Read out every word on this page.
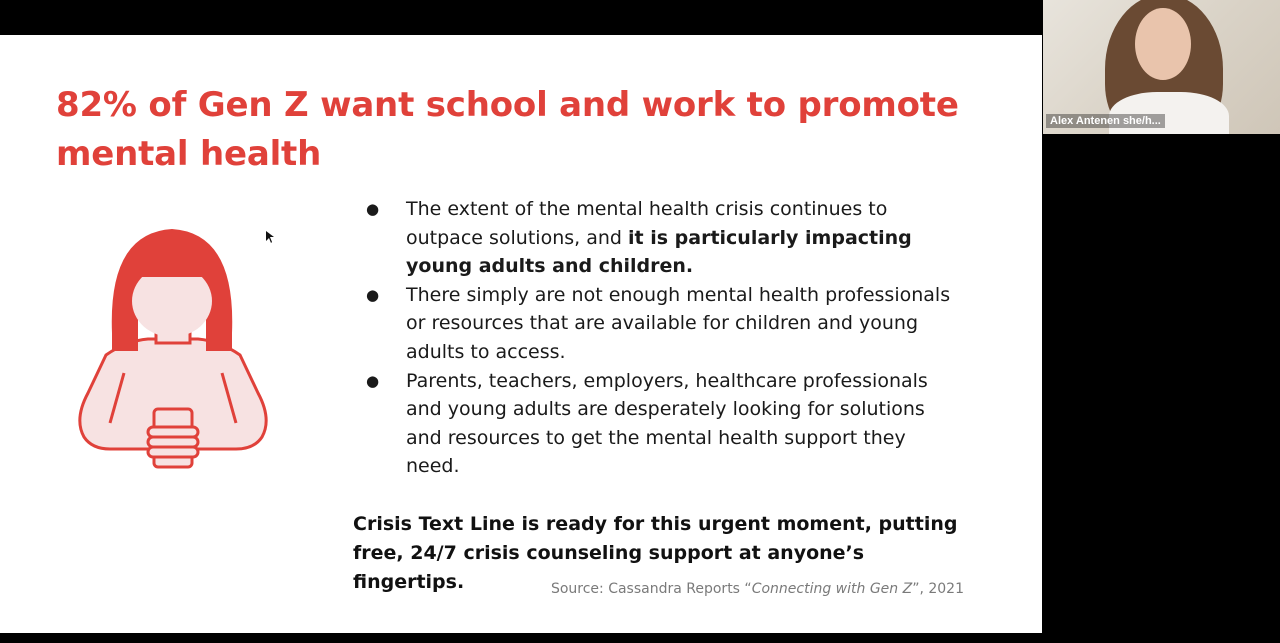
82% of Gen Z want school and work to promote mental health
● The extent of the mental health crisis continues to outpace solutions, and it is particularly impacting young adults and children.
● There simply are not enough mental health professionals or resources that are available for children and young adults to access.
● Parents, teachers, employers, healthcare professionals and young adults are desperately looking for solutions and resources to get the mental health support they need.

Crisis Text Line is ready for this urgent moment, putting free, 24/7 crisis counseling support at anyone’s fingertips.	Source: Cassandra Reports “Connecting with Gen Z”, 2021
Alex Antenen she/h...
